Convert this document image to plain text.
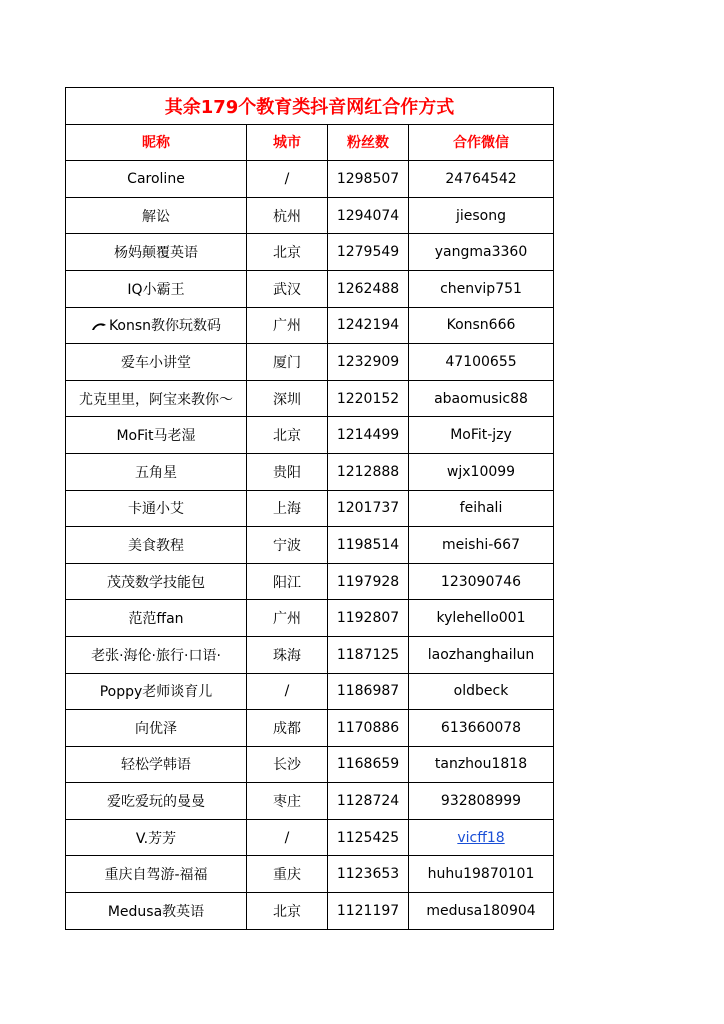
其余179个教育类抖音网红合作方式			
昵称	城市	粉丝数	合作微信
Caroline	/	1298507	24764542
解讼	杭州	1294074	jiesong
杨妈颠覆英语	北京	1279549	yangma3360
IQ小霸王	武汉	1262488	chenvip751
Konsn教你玩数码	广州	1242194	Konsn666
爱车小讲堂	厦门	1232909	47100655
尤克里里，阿宝来教你～	深圳	1220152	abaomusic88
MoFit马老湿	北京	1214499	MoFit-jzy
五角星	贵阳	1212888	wjx10099
卡通小艾	上海	1201737	feihali
美食教程	宁波	1198514	meishi-667
茂茂数学技能包	阳江	1197928	123090746
范范ffan	广州	1192807	kylehello001
老张·海伦·旅行·口语·	珠海	1187125	laozhanghailun
Poppy老师谈育儿	/	1186987	oldbeck
向优泽	成都	1170886	613660078
轻松学韩语	长沙	1168659	tanzhou1818
爱吃爱玩的曼曼	枣庄	1128724	932808999
V.芳芳	/	1125425	vicff18
重庆自驾游-福福	重庆	1123653	huhu19870101
Medusa教英语	北京	1121197	medusa180904
